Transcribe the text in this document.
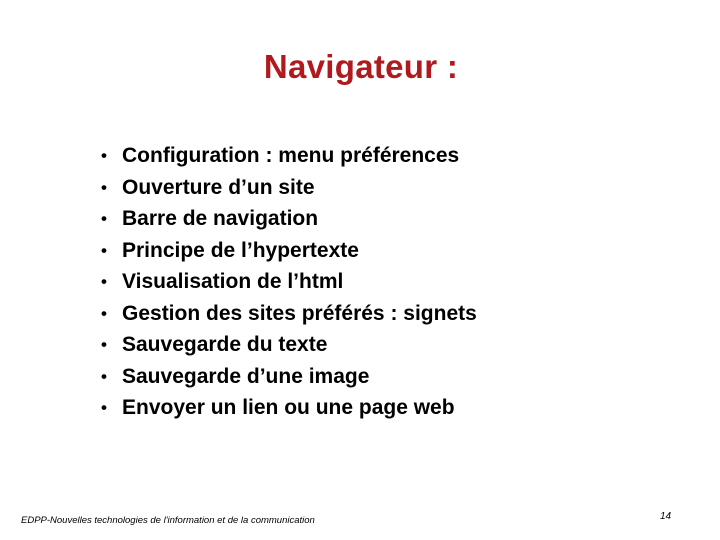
Navigateur :
• Configuration : menu préférences
• Ouverture d’un site
• Barre de navigation
• Principe de l’hypertexte
• Visualisation de l’html
• Gestion des sites préférés : signets
• Sauvegarde du texte
• Sauvegarde d’une image
• Envoyer un lien ou une page web
EDPP-Nouvelles technologies de l'information et de la communication	14
